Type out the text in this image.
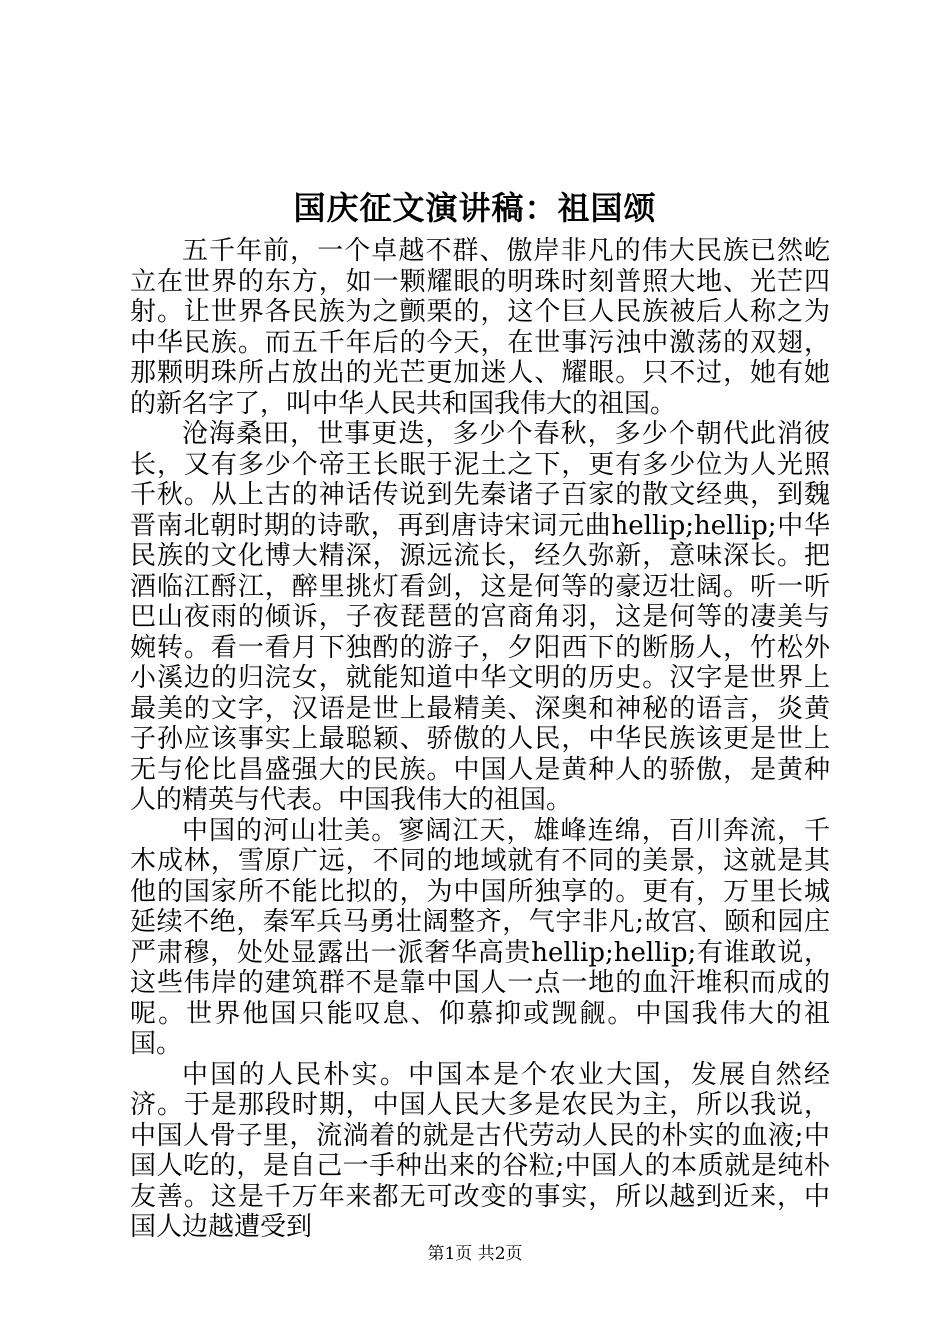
国庆征文演讲稿：祖国颂

五千年前，一个卓越不群、傲岸非凡的伟大民族已然屹立在世界的东方，如一颗耀眼的明珠时刻普照大地、光芒四射。让世界各民族为之颤栗的，这个巨人民族被后人称之为中华民族。而五千年后的今天，在世事污浊中激荡的双翅，那颗明珠所占放出的光芒更加迷人、耀眼。只不过，她有她的新名字了，叫中华人民共和国我伟大的祖国。

沧海桑田，世事更迭，多少个春秋，多少个朝代此消彼长，又有多少个帝王长眠于泥土之下，更有多少位为人光照千秋。从上古的神话传说到先秦诸子百家的散文经典，到魏晋南北朝时期的诗歌，再到唐诗宋词元曲hellip;hellip;中华民族的文化博大精深，源远流长，经久弥新，意味深长。把酒临江酹江，醉里挑灯看剑，这是何等的豪迈壮阔。听一听巴山夜雨的倾诉，子夜琵琶的宫商角羽，这是何等的凄美与婉转。看一看月下独酌的游子，夕阳西下的断肠人，竹松外小溪边的归浣女，就能知道中华文明的历史。汉字是世界上最美的文字，汉语是世上最精美、深奥和神秘的语言，炎黄子孙应该事实上最聪颖、骄傲的人民，中华民族该更是世上无与伦比昌盛强大的民族。中国人是黄种人的骄傲，是黄种人的精英与代表。中国我伟大的祖国。

中国的河山壮美。寥阔江天，雄峰连绵，百川奔流，千木成林，雪原广远，不同的地域就有不同的美景，这就是其他的国家所不能比拟的，为中国所独享的。更有，万里长城延续不绝，秦军兵马勇壮阔整齐，气宇非凡;故宫、颐和园庄严肃穆，处处显露出一派奢华高贵hellip;hellip;有谁敢说，这些伟岸的建筑群不是靠中国人一点一地的血汗堆积而成的呢。世界他国只能叹息、仰慕抑或觊觎。中国我伟大的祖国。

中国的人民朴实。中国本是个农业大国，发展自然经济。于是那段时期，中国人民大多是农民为主，所以我说，中国人骨子里，流淌着的就是古代劳动人民的朴实的血液;中国人吃的，是自己一手种出来的谷粒;中国人的本质就是纯朴友善。这是千万年来都无可改变的事实，所以越到近来，中国人边越遭受到

第1页 共2页
